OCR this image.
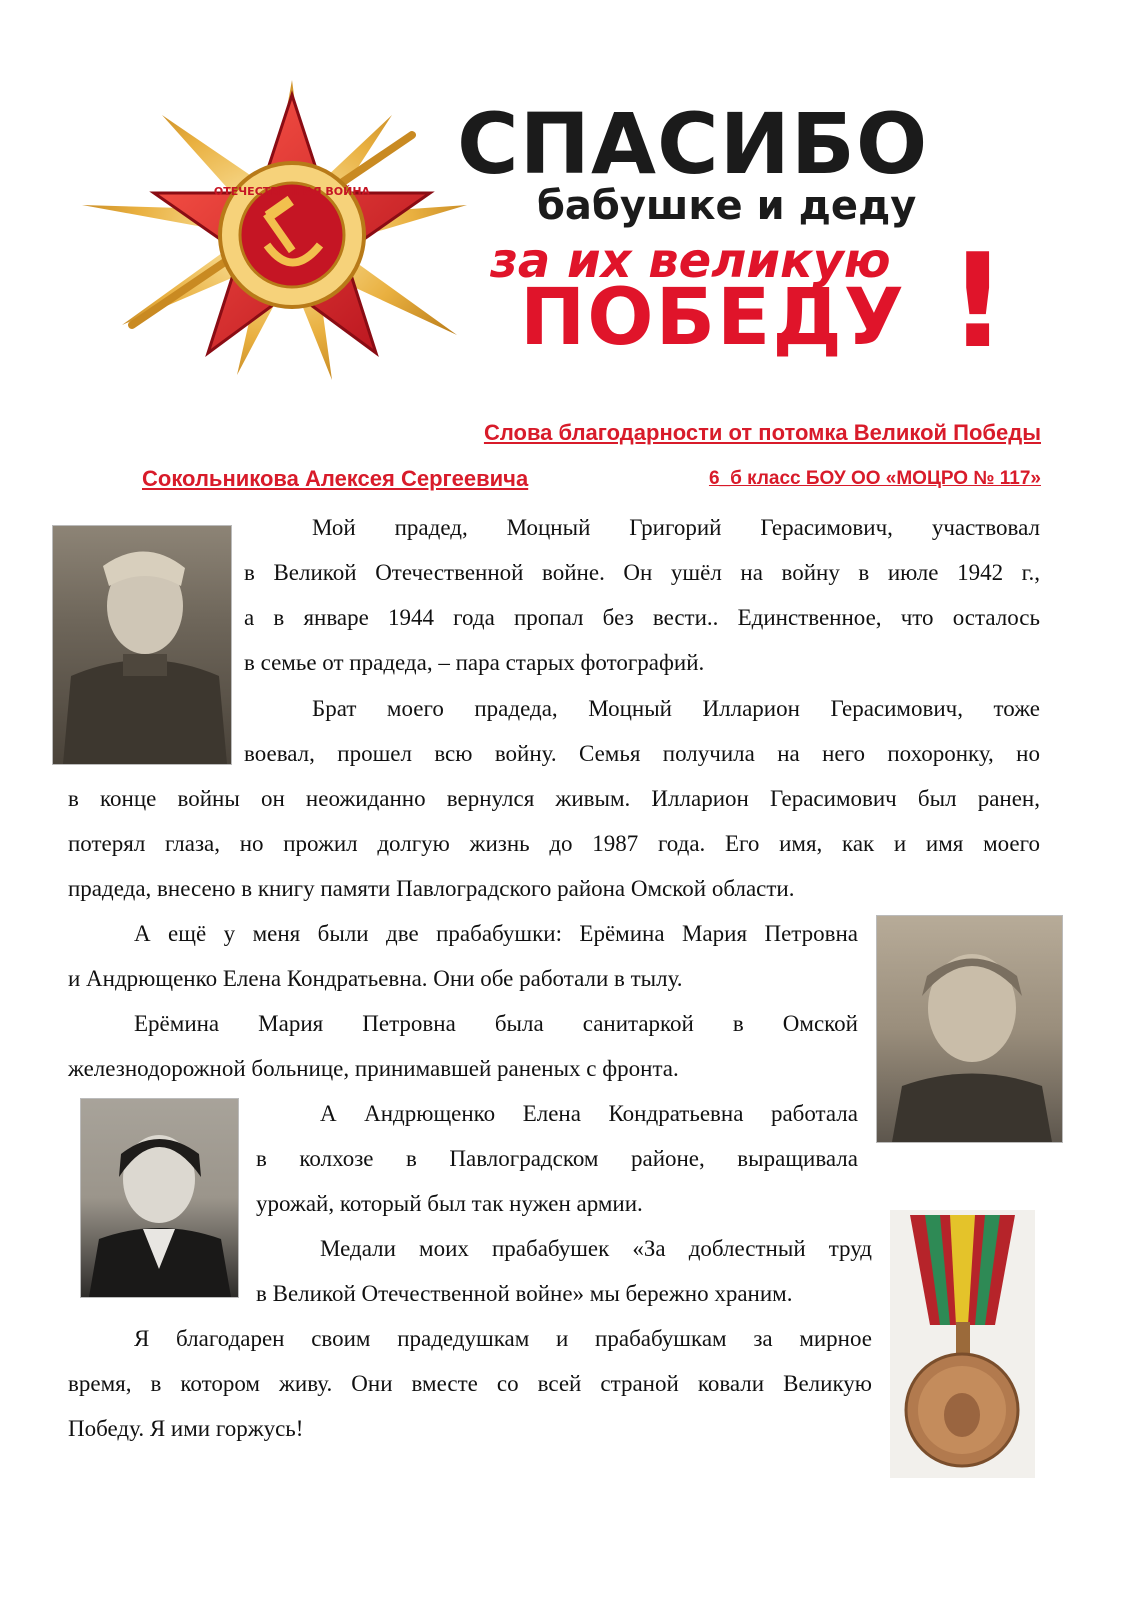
ОТЕЧЕСТВЕННАЯ ВОЙНА СПАСИБО
бабушке и деду
за их великую
ПОБЕДУ !
Слова благодарности от потомка Великой Победы
Сокольникова Алексея Сергеевича	6_б класс БОУ ОО «МОЦРО № 117»
Мой прадед, Моцный Григорий Герасимович, участвовал
в Великой Отечественной войне. Он ушёл на войну в июле 1942 г.,
а в январе 1944 года пропал без вести.. Единственное, что осталось
в семье от прадеда, – пара старых фотографий.
Брат моего прадеда, Моцный Илларион Герасимович, тоже
воевал, прошел всю войну. Семья получила на него похоронку, но
в конце войны он неожиданно вернулся живым. Илларион Герасимович был ранен,
потерял глаза, но прожил долгую жизнь до 1987 года. Его имя, как и имя моего
прадеда, внесено в книгу памяти Павлоградского района Омской области.
А ещё у меня были две прабабушки: Ерёмина Мария Петровна
и Андрющенко Елена Кондратьевна. Они обе работали в тылу.
Ерёмина Мария Петровна была санитаркой в Омской
железнодорожной больнице, принимавшей раненых с фронта.
А Андрющенко Елена Кондратьевна работала
в колхозе в Павлоградском районе, выращивала
урожай, который был так нужен армии.
Медали моих прабабушек «За доблестный труд
в Великой Отечественной войне» мы бережно храним.
Я благодарен своим прадедушкам и прабабушкам за мирное
время, в котором живу. Они вместе со всей страной ковали Великую
Победу. Я ими горжусь!
